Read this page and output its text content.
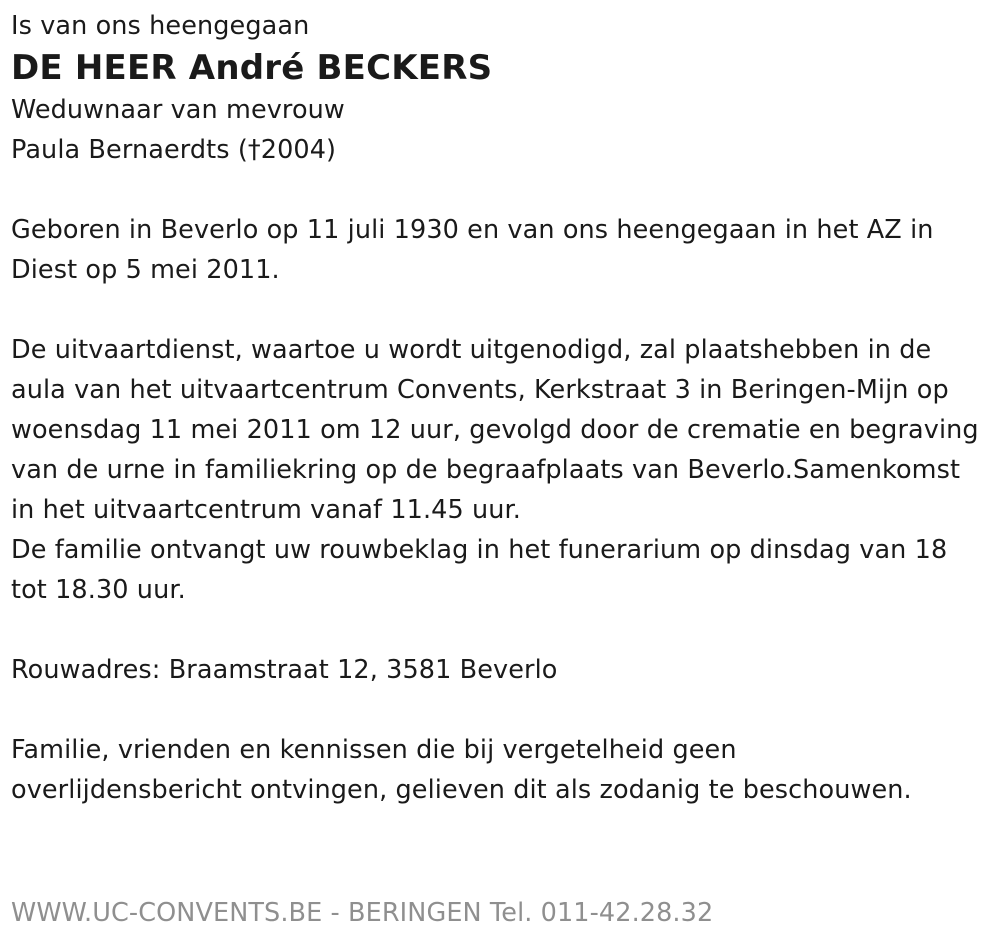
Is van ons heengegaan

DE HEER André BECKERS

Weduwnaar van mevrouw

Paula Bernaerdts (†2004)

Geboren in Beverlo op 11 juli 1930 en van ons heengegaan in het AZ in

Diest op 5 mei 2011.

De uitvaartdienst, waartoe u wordt uitgenodigd, zal plaatshebben in de

aula van het uitvaartcentrum Convents, Kerkstraat 3 in Beringen-Mijn op

woensdag 11 mei 2011 om 12 uur, gevolgd door de crematie en begraving

van de urne in familiekring op de begraafplaats van Beverlo.Samenkomst

in het uitvaartcentrum vanaf 11.45 uur.

De familie ontvangt uw rouwbeklag in het funerarium op dinsdag van 18

tot 18.30 uur.

Rouwadres: Braamstraat 12, 3581 Beverlo

Familie, vrienden en kennissen die bij vergetelheid geen

overlijdensbericht ontvingen, gelieven dit als zodanig te beschouwen.

WWW.UC-CONVENTS.BE - BERINGEN Tel. 011-42.28.32
